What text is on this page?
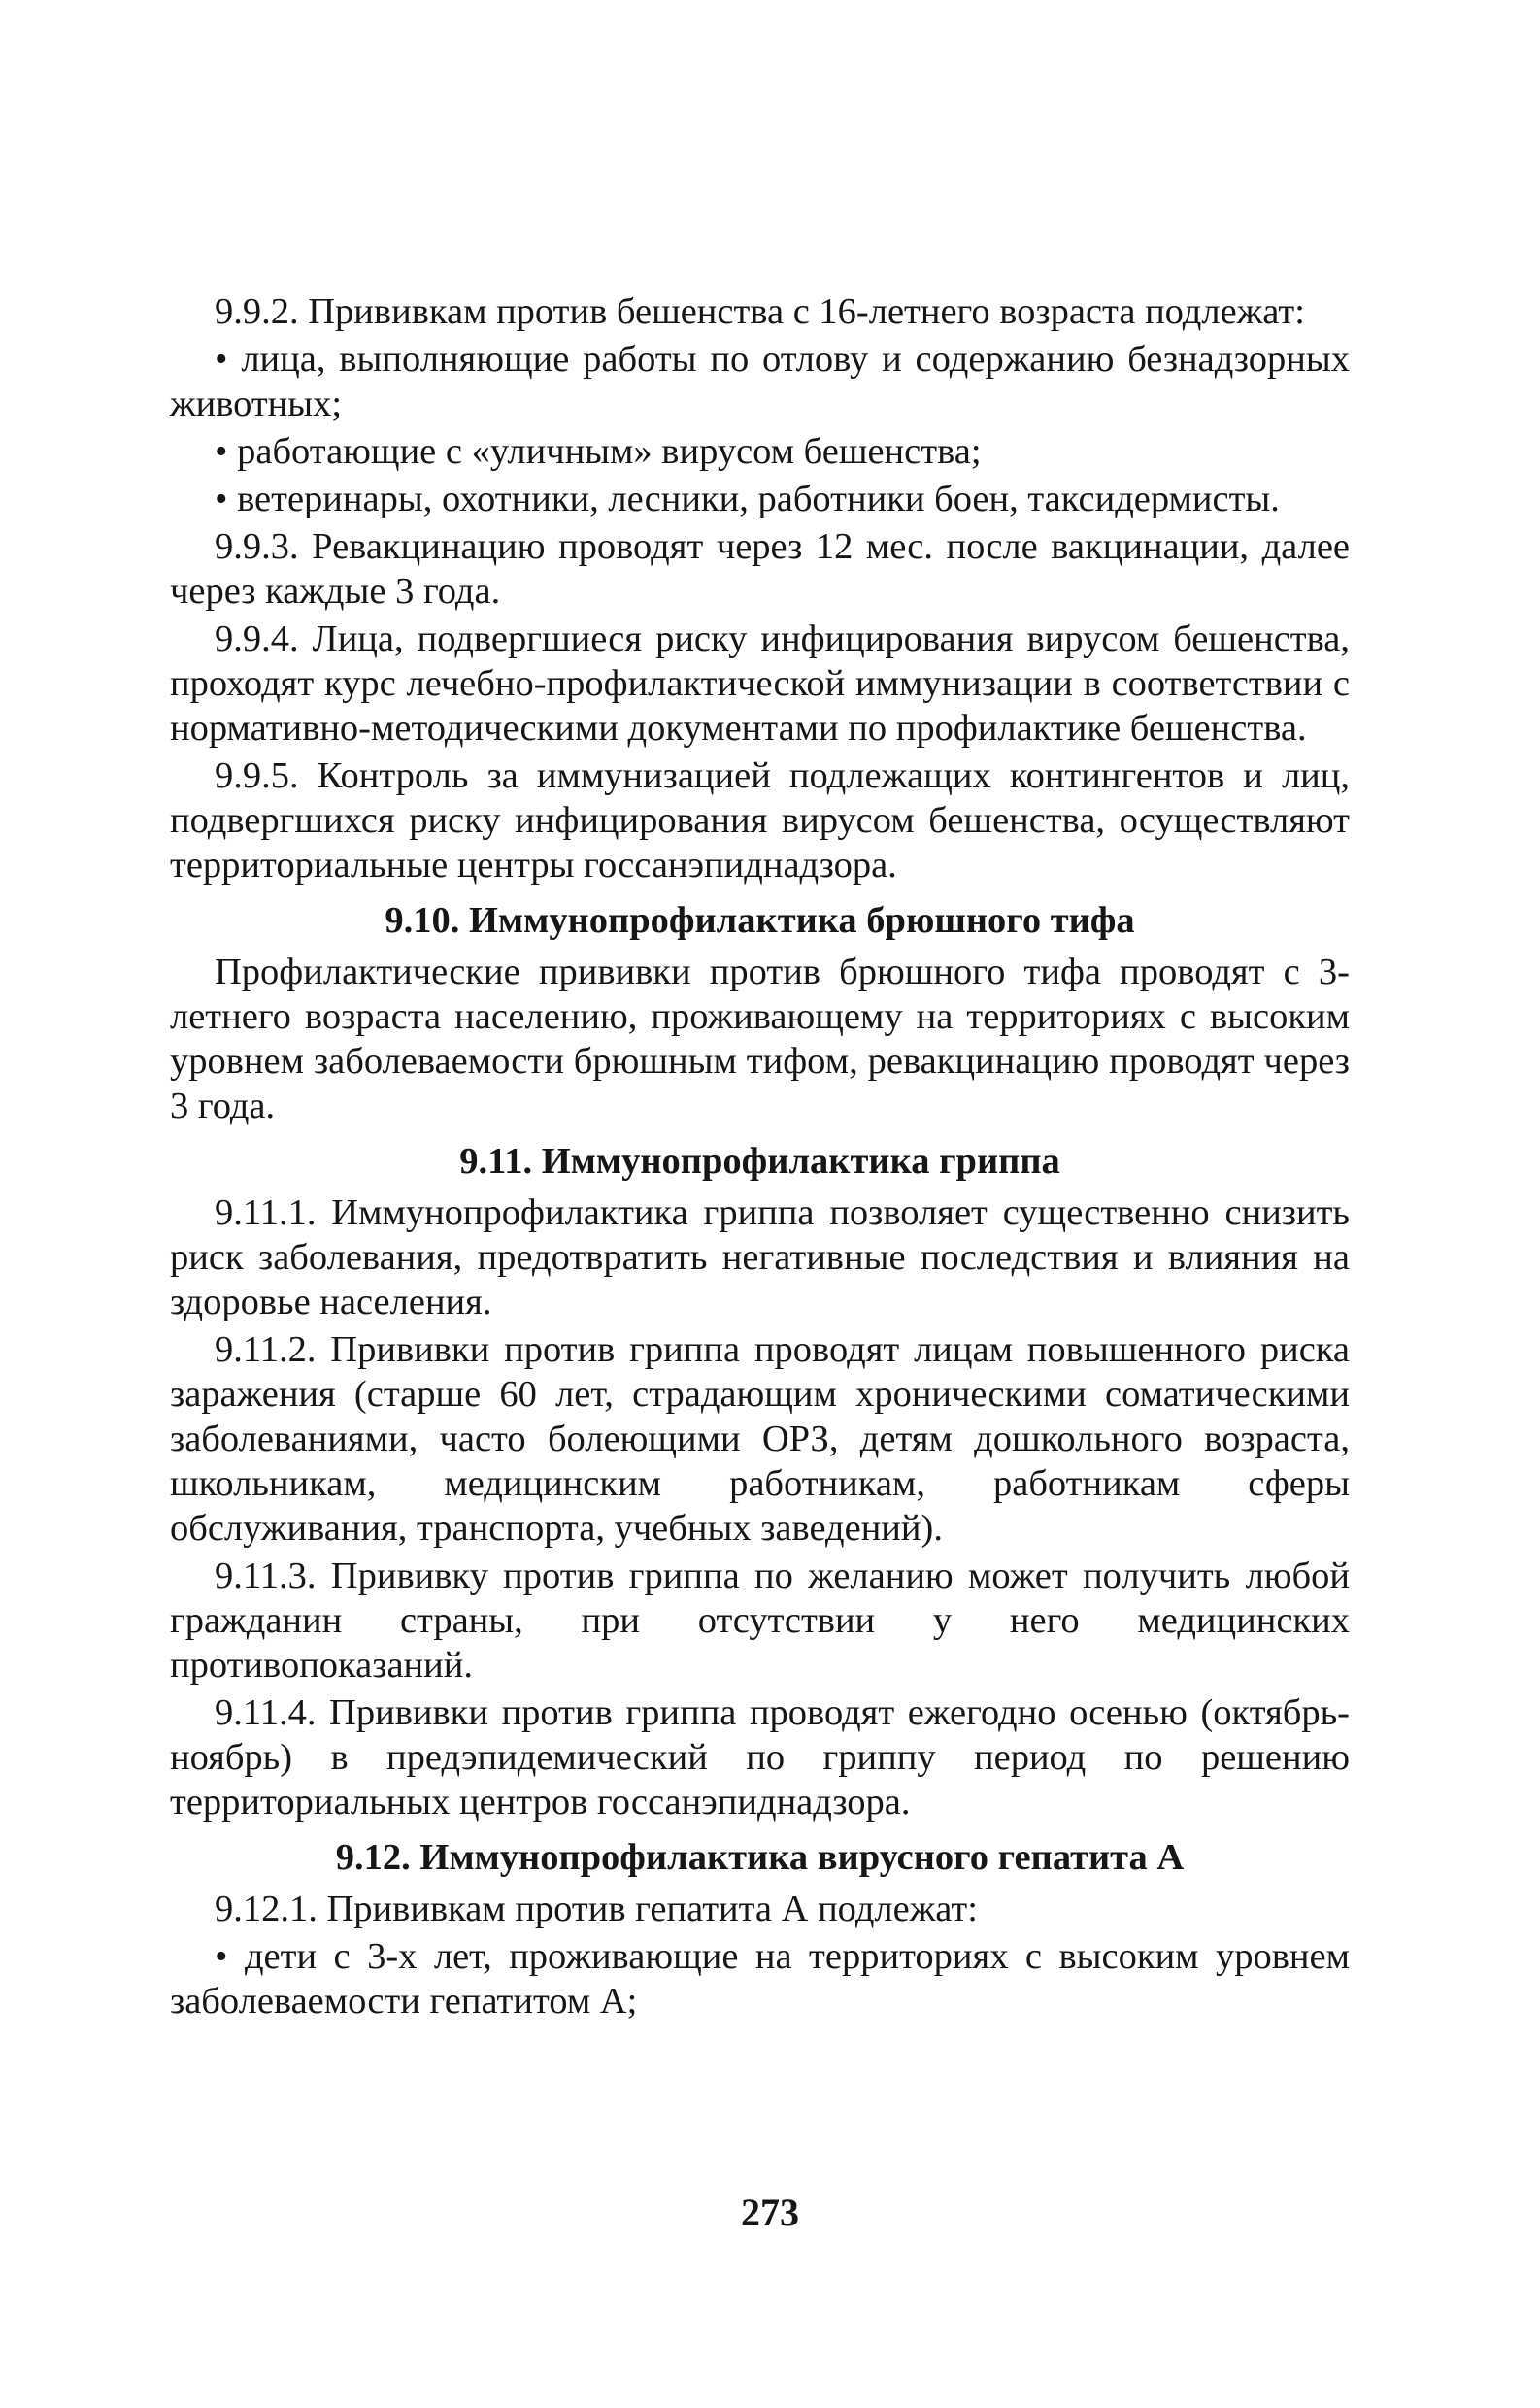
9.9.2. Прививкам против бешенства с 16-летнего возраста подлежат:

• лица, выполняющие работы по отлову и содержанию безнадзорных животных;

• работающие с «уличным» вирусом бешенства;

• ветеринары, охотники, лесники, работники боен, таксидермисты.

9.9.3. Ревакцинацию проводят через 12 мес. после вакцинации, далее через каждые 3 года.

9.9.4. Лица, подвергшиеся риску инфицирования вирусом бешенства, проходят курс лечебно-профилактической иммунизации в соответствии с нормативно-методическими документами по профилактике бешенства.

9.9.5. Контроль за иммунизацией подлежащих контингентов и лиц, подвергшихся риску инфицирования вирусом бешенства, осуществляют территориальные центры госсанэпиднадзора.

9.10. Иммунопрофилактика брюшного тифа

Профилактические прививки против брюшного тифа проводят с 3-летнего возраста населению, проживающему на территориях с высоким уровнем заболеваемости брюшным тифом, ревакцинацию проводят через 3 года.

9.11. Иммунопрофилактика гриппа

9.11.1. Иммунопрофилактика гриппа позволяет существенно снизить риск заболевания, предотвратить негативные последствия и влияния на здоровье населения.

9.11.2. Прививки против гриппа проводят лицам повышенного риска заражения (старше 60 лет, страдающим хроническими соматическими заболеваниями, часто болеющими ОРЗ, детям дошкольного возраста, школьникам, медицинским работникам, работникам сферы обслуживания, транспорта, учебных заведений).

9.11.3. Прививку против гриппа по желанию может получить любой гражданин страны, при отсутствии у него медицинских противопоказаний.

9.11.4. Прививки против гриппа проводят ежегодно осенью (октябрь-ноябрь) в предэпидемический по гриппу период по решению территориальных центров госсанэпиднадзора.

9.12. Иммунопрофилактика вирусного гепатита А

9.12.1. Прививкам против гепатита А подлежат:

• дети с 3-х лет, проживающие на территориях с высоким уровнем заболеваемости гепатитом А;

273
